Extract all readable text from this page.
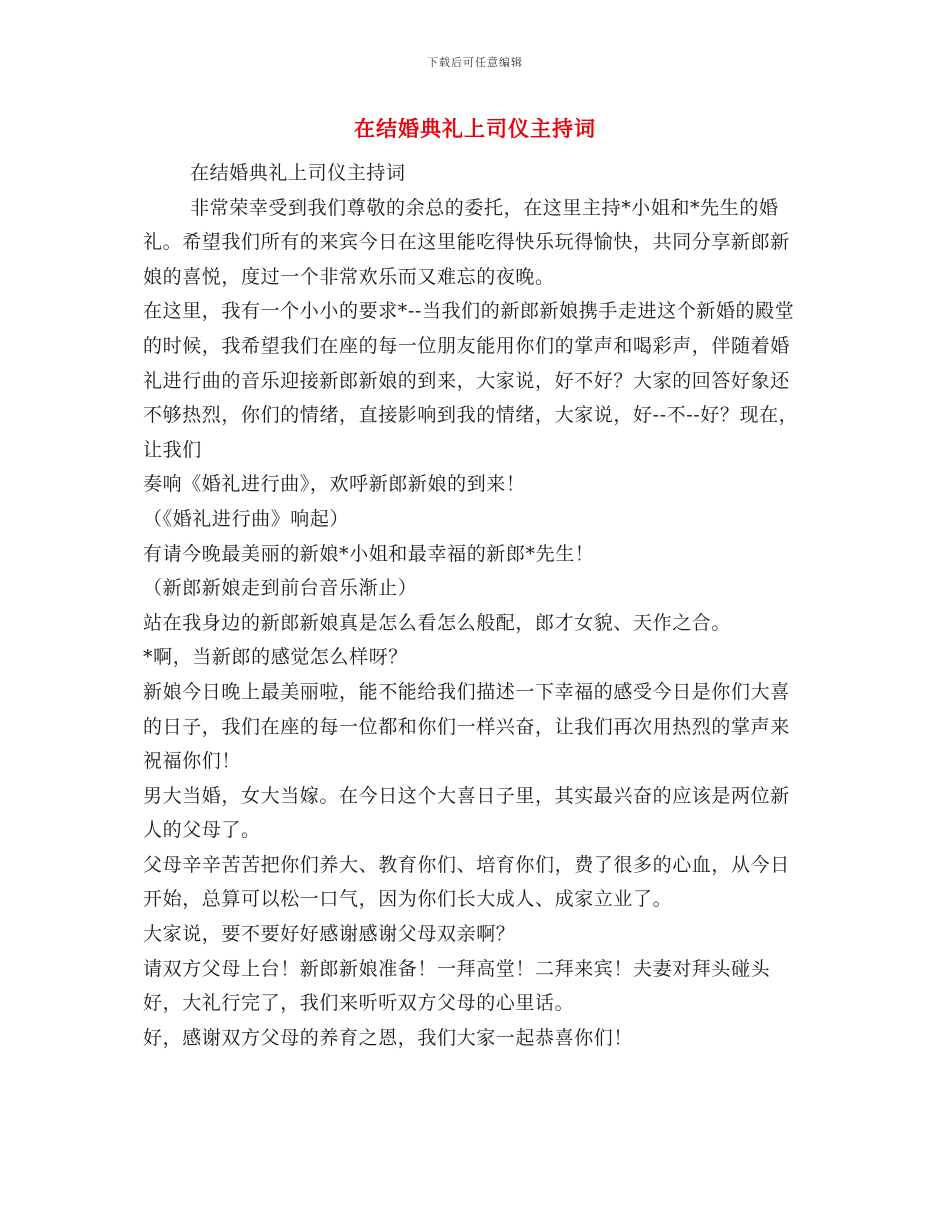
下载后可任意编辑
在结婚典礼上司仪主持词

在结婚典礼上司仪主持词

非常荣幸受到我们尊敬的余总的委托，在这里主持*小姐和*先生的婚礼。希望我们所有的来宾今日在这里能吃得快乐玩得愉快，共同分享新郎新娘的喜悦，度过一个非常欢乐而又难忘的夜晚。

在这里，我有一个小小的要求*--当我们的新郎新娘携手走进这个新婚的殿堂的时候，我希望我们在座的每一位朋友能用你们的掌声和喝彩声，伴随着婚礼进行曲的音乐迎接新郎新娘的到来，大家说，好不好？大家的回答好象还不够热烈，你们的情绪，直接影响到我的情绪，大家说，好--不--好？现在，让我们

奏响《婚礼进行曲》，欢呼新郎新娘的到来！

（《婚礼进行曲》响起）

有请今晚最美丽的新娘*小姐和最幸福的新郎*先生！

（新郎新娘走到前台音乐渐止）

站在我身边的新郎新娘真是怎么看怎么般配，郎才女貌、天作之合。

*啊，当新郎的感觉怎么样呀？

新娘今日晚上最美丽啦，能不能给我们描述一下幸福的感受今日是你们大喜的日子，我们在座的每一位都和你们一样兴奋，让我们再次用热烈的掌声来祝福你们！

男大当婚，女大当嫁。在今日这个大喜日子里，其实最兴奋的应该是两位新人的父母了。

父母辛辛苦苦把你们养大、教育你们、培育你们，费了很多的心血，从今日开始，总算可以松一口气，因为你们长大成人、成家立业了。

大家说，要不要好好感谢感谢父母双亲啊？

请双方父母上台！新郎新娘准备！一拜高堂！二拜来宾！夫妻对拜头碰头好，大礼行完了，我们来听听双方父母的心里话。

好，感谢双方父母的养育之恩，我们大家一起恭喜你们！
